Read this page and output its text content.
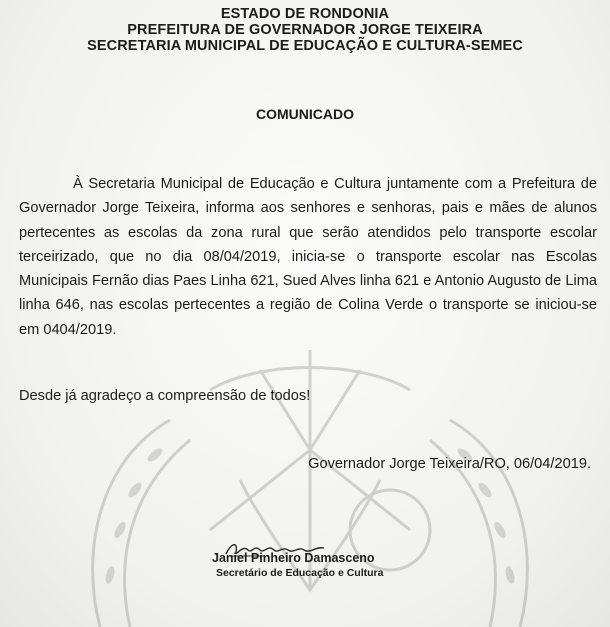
ESTADO DE RONDONIA
PREFEITURA DE GOVERNADOR JORGE TEIXEIRA
SECRETARIA MUNICIPAL DE EDUCAÇÃO E CULTURA-SEMEC
COMUNICADO

À Secretaria Municipal de Educação e Cultura juntamente com a Prefeitura de Governador Jorge Teixeira, informa aos senhores e senhoras, pais e mães de alunos pertecentes as escolas da zona rural que serão atendidos pelo transporte escolar terceirizado, que no dia 08/04/2019, inicia-se o transporte escolar nas Escolas Municipais Fernão dias Paes Linha 621, Sued Alves linha 621 e Antonio Augusto de Lima linha 646, nas escolas pertecentes a região de Colina Verde o transporte se iniciou-se em 0404/2019.

Desde já agradeço a compreensão de todos!
Governador Jorge Teixeira/RO, 06/04/2019.
Janiel Pinheiro Damasceno
Secretário de Educação e Cultura
